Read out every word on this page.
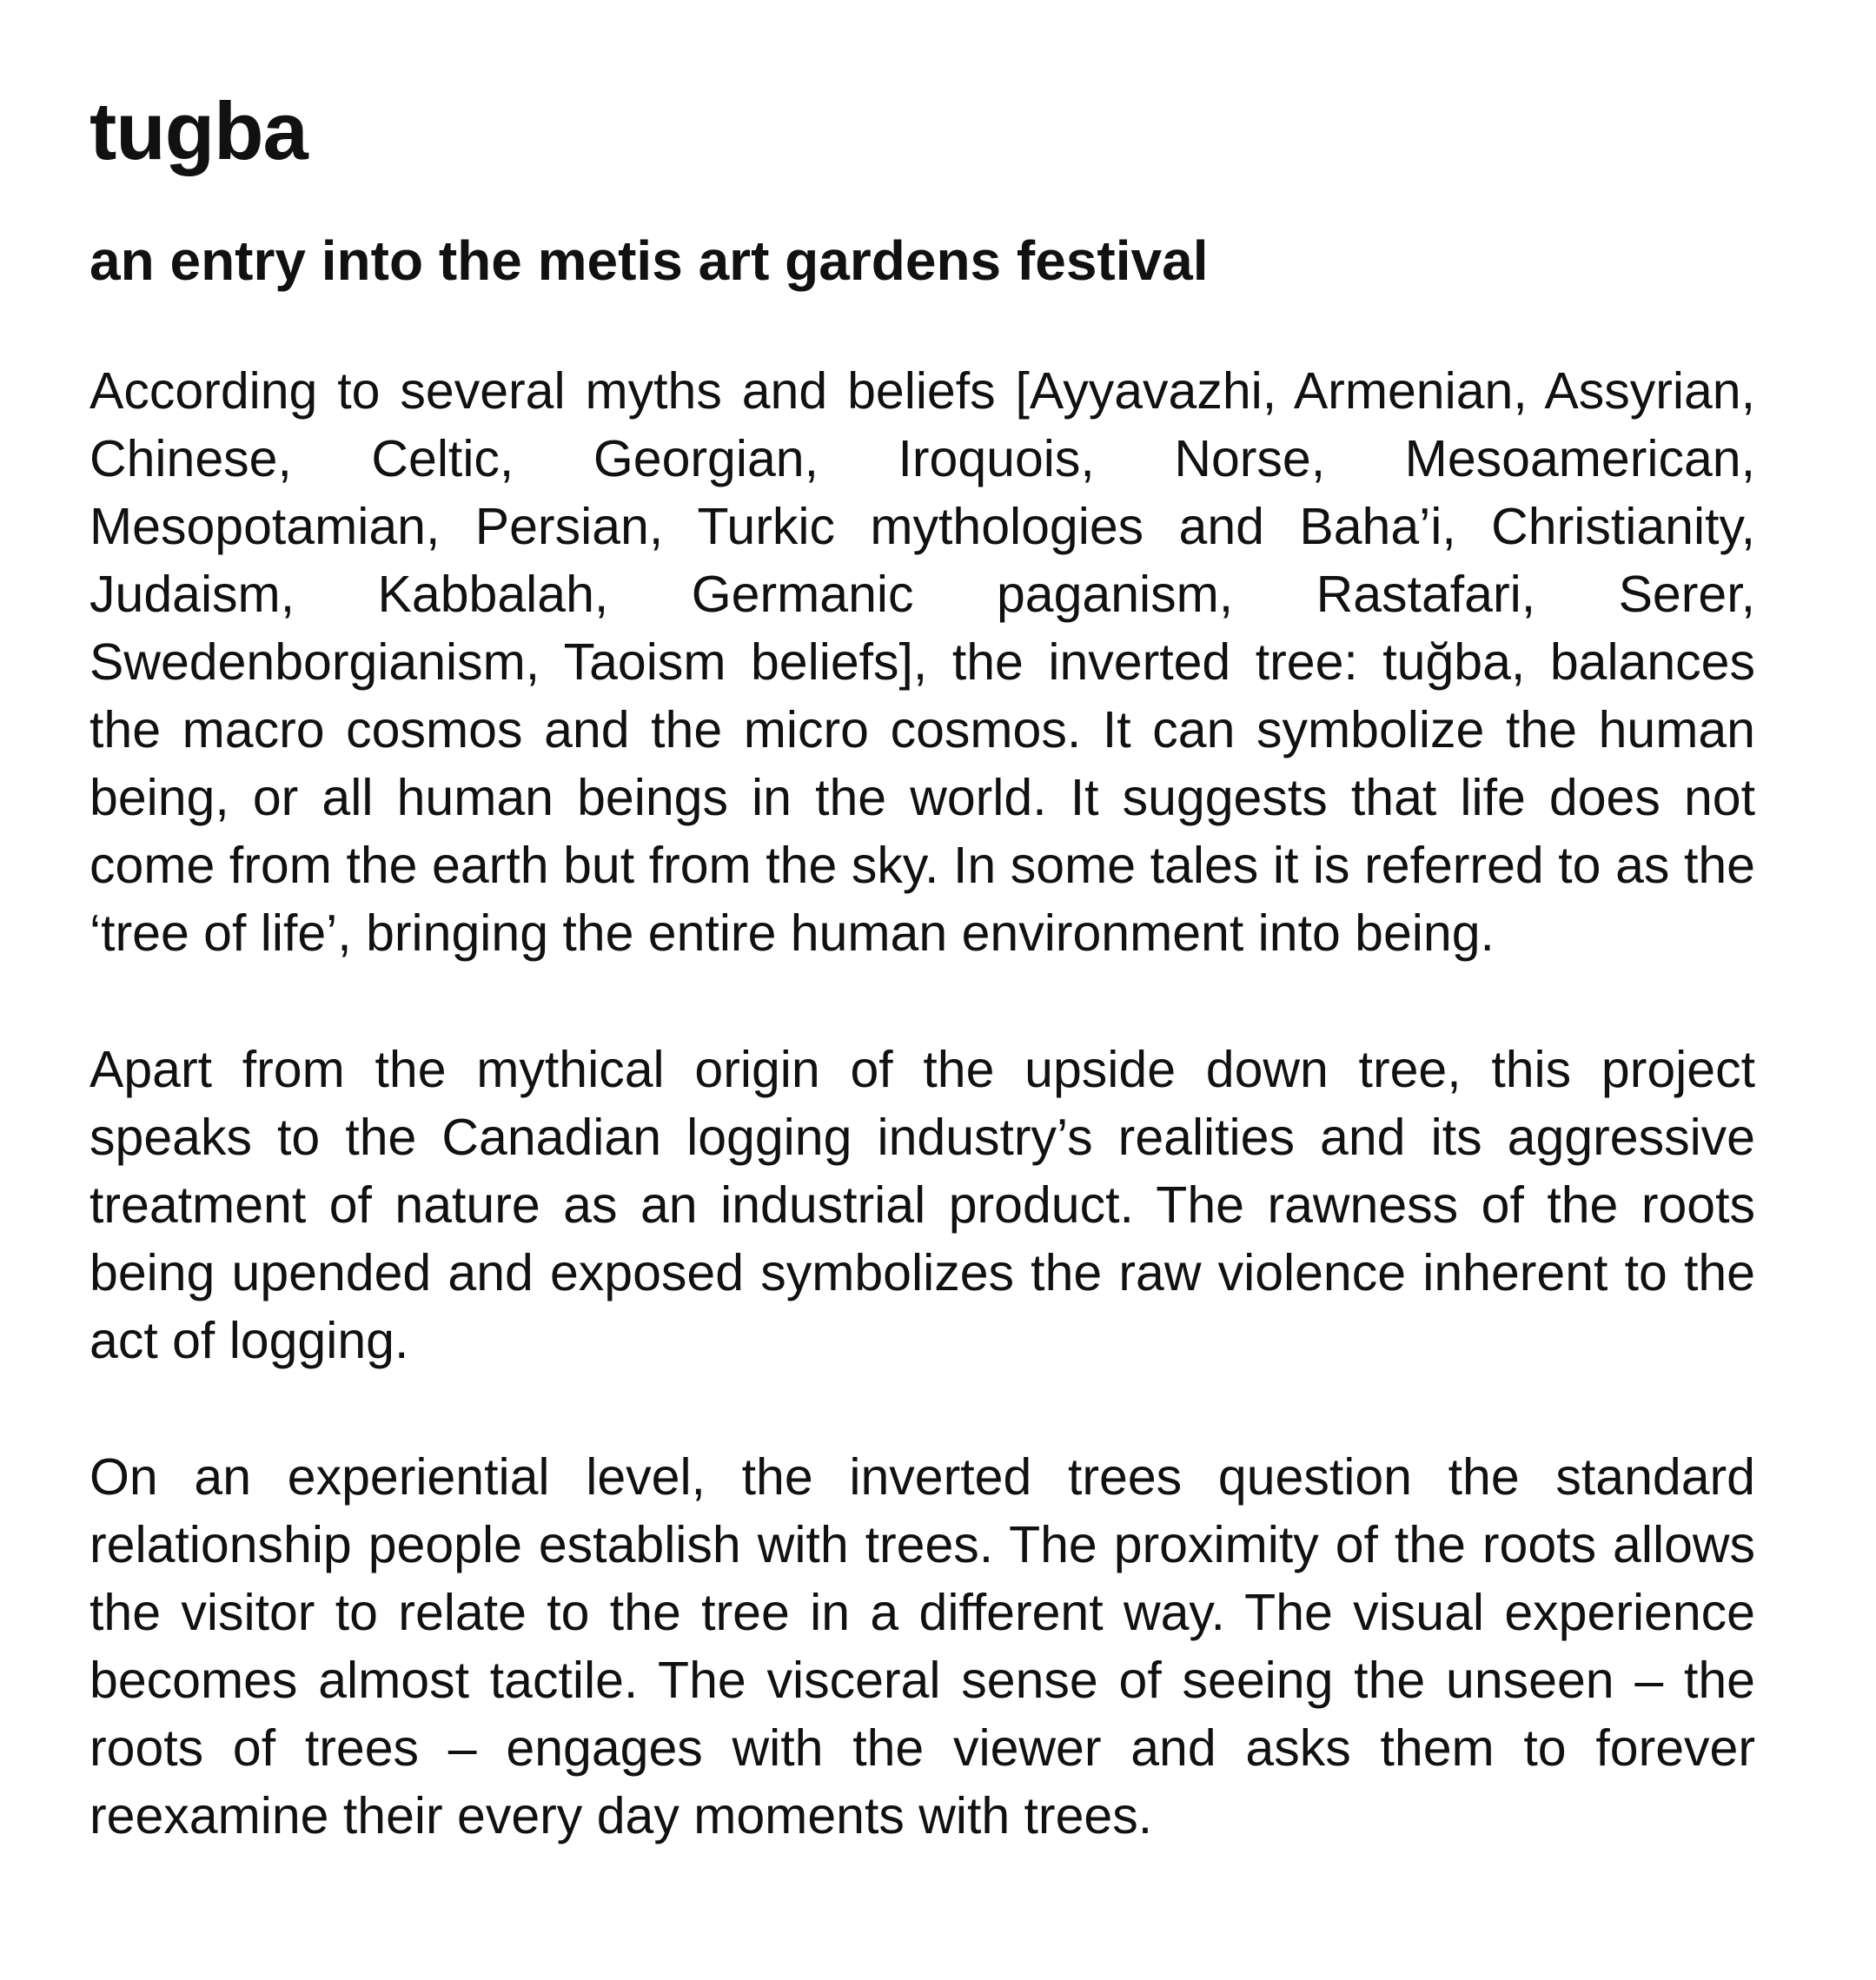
tugba
an entry into the metis art gardens festival

According to several myths and beliefs [Ayyavazhi, Armenian, Assyrian, Chinese, Celtic, Georgian, Iroquois, Norse, Mesoamerican, Mesopotamian, Persian, Turkic mythologies and Baha’i, Christianity, Judaism, Kabbalah, Germanic paganism, Rastafari, Serer, Swedenborgianism, Taoism beliefs], the inverted tree: tuğba, balances the macro cosmos and the micro cosmos. It can symbolize the human being, or all human beings in the world. It suggests that life does not come from the earth but from the sky. In some tales it is referred to as the ‘tree of life’, bringing the entire human environment into being.

Apart from the mythical origin of the upside down tree, this project speaks to the Canadian logging industry’s realities and its aggressive treatment of nature as an industrial product. The rawness of the roots being upended and exposed symbolizes the raw violence inherent to the act of logging.

On an experiential level, the inverted trees question the standard relationship people establish with trees. The proximity of the roots allows the visitor to relate to the tree in a different way. The visual experience becomes almost tactile. The visceral sense of seeing the unseen – the roots of trees – engages with the viewer and asks them to forever reexamine their every day moments with trees.
